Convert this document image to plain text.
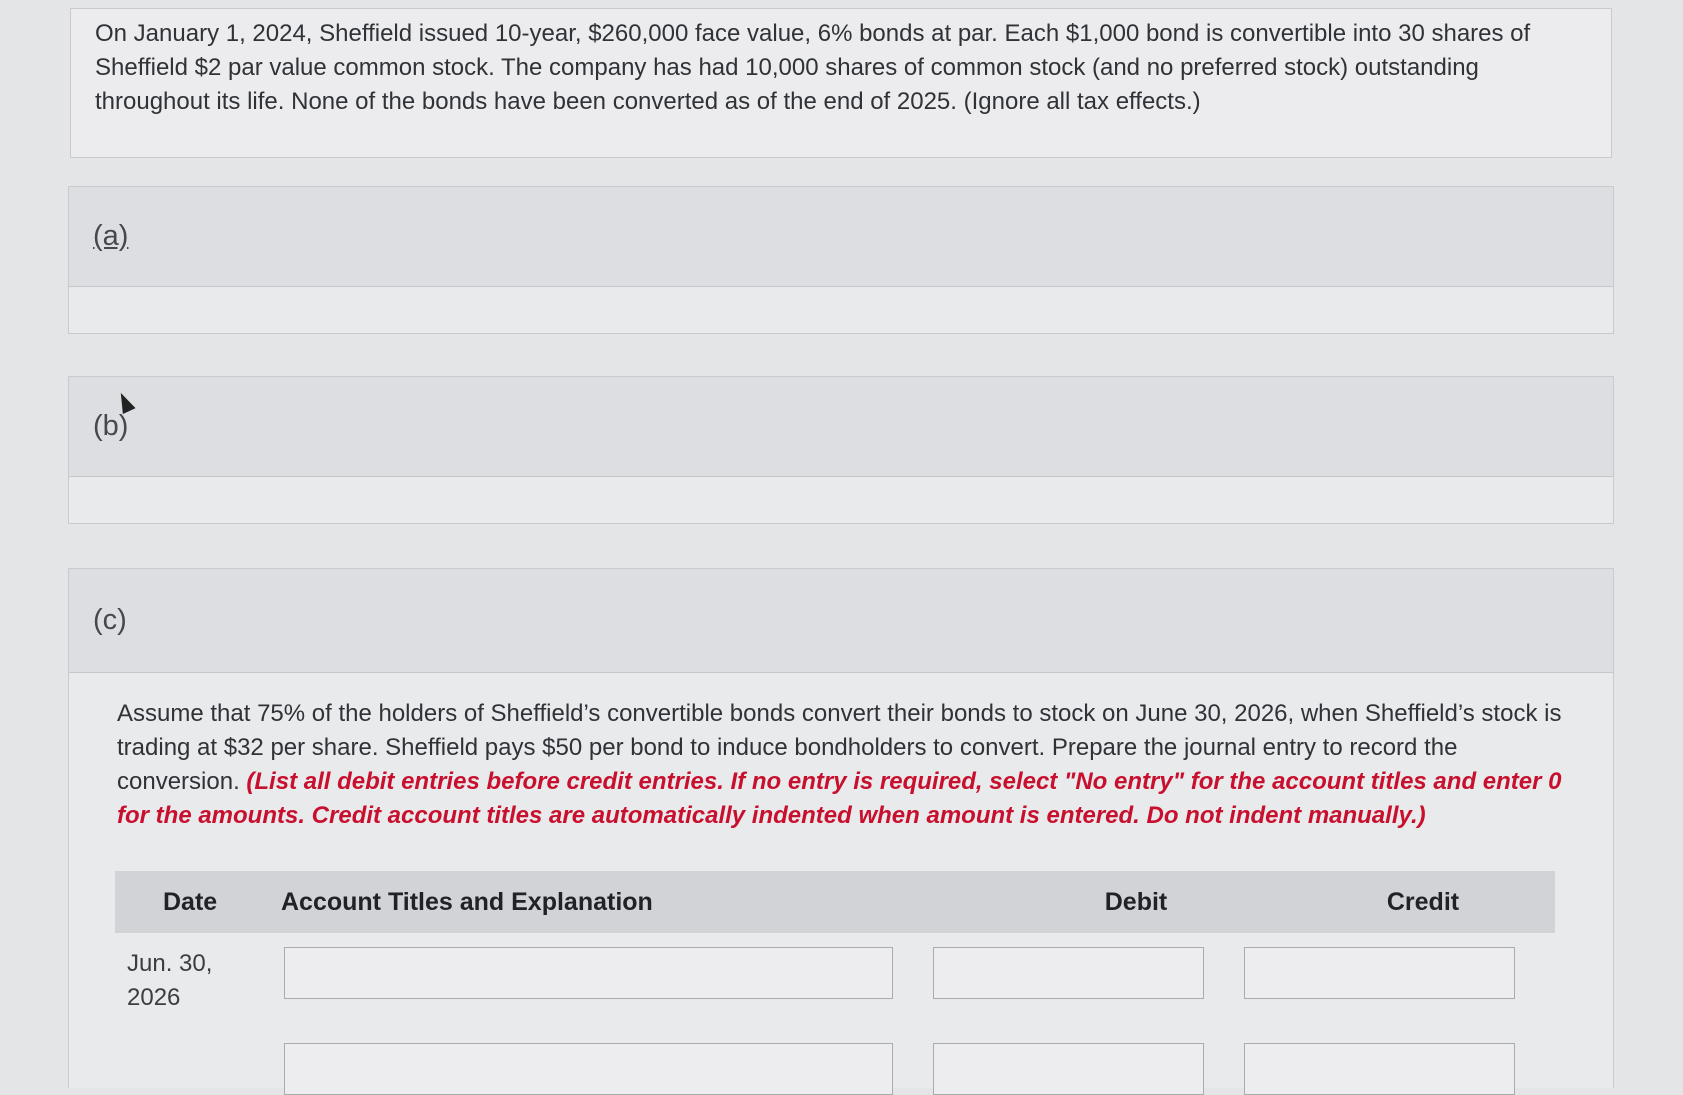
On January 1, 2024, Sheffield issued 10-year, $260,000 face value, 6% bonds at par. Each $1,000 bond is convertible into 30 shares of Sheffield $2 par value common stock. The company has had 10,000 shares of common stock (and no preferred stock) outstanding throughout its life. None of the bonds have been converted as of the end of 2025. (Ignore all tax effects.)
(a)
(b)
(c)
Assume that 75% of the holders of Sheffield’s convertible bonds convert their bonds to stock on June 30, 2026, when Sheffield’s stock is trading at $32 per share. Sheffield pays $50 per bond to induce bondholders to convert. Prepare the journal entry to record the conversion. (List all debit entries before credit entries. If no entry is required, select "No entry" for the account titles and enter 0 for the amounts. Credit account titles are automatically indented when amount is entered. Do not indent manually.)
Date	Account Titles and Explanation	Debit	Credit
Jun. 30,
2026
